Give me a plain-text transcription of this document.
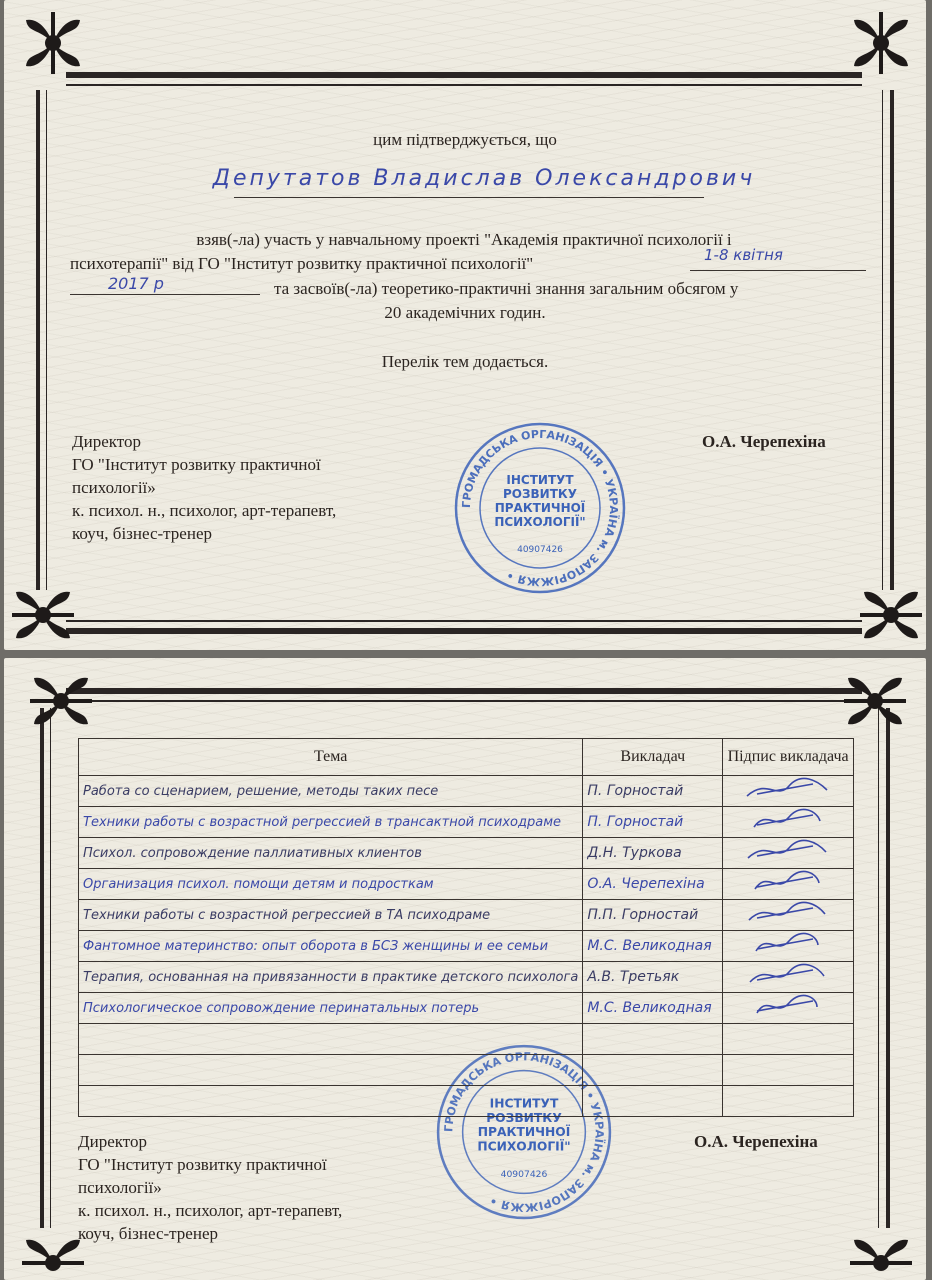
цим підтверджується, що
Депутатов Владислав Олександрович
взяв(-ла) участь у навчальному проекті "Академія практичної психології і
психотерапії" від ГО "Інститут розвитку практичної психології"	1-8 квітня
2017 р	та засвоїв(-ла) теоретико-практичні знання загальним обсягом у
20 академічних годин.
Перелік тем додається.
Директор
ГО "Інститут розвитку практичної
психології»
к. психол. н., психолог, арт-терапевт,
коуч, бізнес-тренер
О.А. Черепехіна
ГРОМАДСЬКА ОРГАНІЗАЦІЯ • УКРАЇНА м. ЗАПОРІЖЖЯ •
ІНСТИТУТ
РОЗВИТКУ
ПРАКТИЧНОЇ
ПСИХОЛОГІЇ"
40907426
Директор
ГО "Інститут розвитку практичної
психології»
к. психол. н., психолог, арт-терапевт,
коуч, бізнес-тренер
О.А. Черепехіна
ГРОМАДСЬКА ОРГАНІЗАЦІЯ • УКРАЇНА м. ЗАПОРІЖЖЯ •
ІНСТИТУТ
РОЗВИТКУ
ПРАКТИЧНОЇ
ПСИХОЛОГІЇ"
40907426
Тема	Викладач	Підпис викладача
Работа со сценарием, решение, методы таких песе	П. Горностай	
Техники работы с возрастной регрессией в трансактной психодраме	П. Горностай	
Психол. сопровождение паллиативных клиентов	Д.Н. Туркова	
Организация психол. помощи детям и подросткам	О.А. Черепехіна	
Техники работы с возрастной регрессией в ТА психодраме	П.П. Горностай	
Фантомное материнство: опыт оборота в БСЗ женщины и ее семьи	М.С. Великодная	
Терапия, основанная на привязанности в практике детского психолога	А.В. Третьяк	
Психологическое сопровождение перинатальных потерь	М.С. Великодная	
